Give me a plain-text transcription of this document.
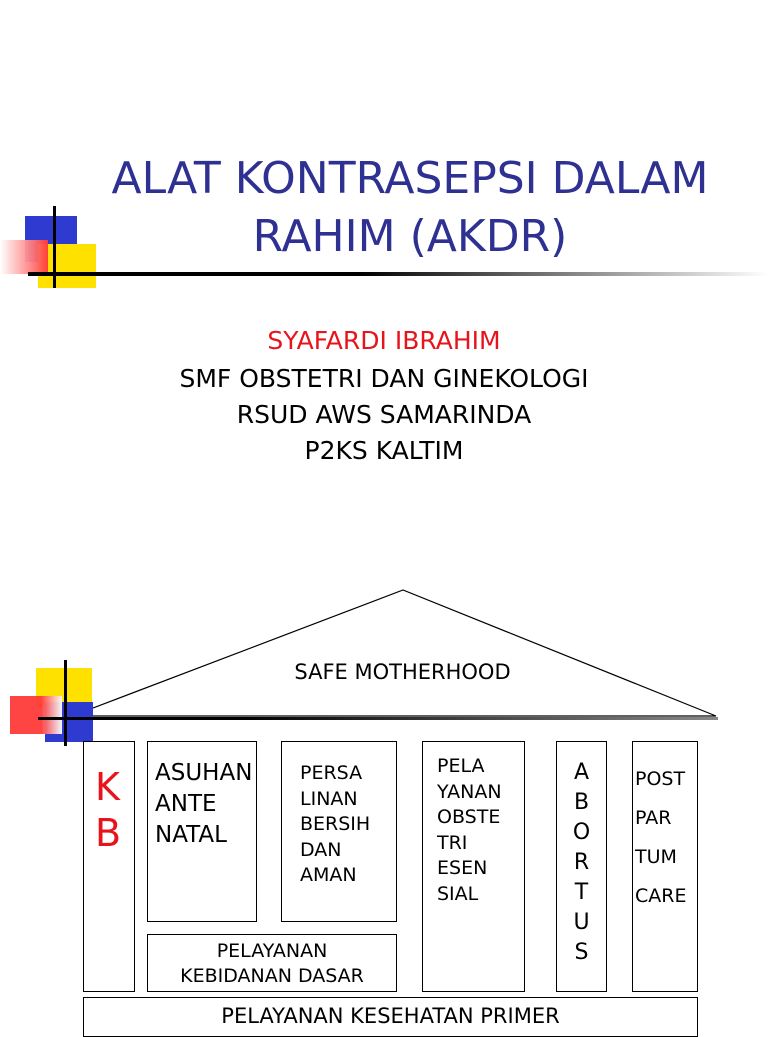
ALAT KONTRASEPSI DALAM
RAHIM (AKDR)
SYAFARDI IBRAHIM
SMF OBSTETRI DAN GINEKOLOGI
RSUD AWS SAMARINDA
P2KS KALTIM
SAFE MOTHERHOOD
K
B
ASUHAN
ANTE
NATAL
PERSA
LINAN
BERSIH
DAN
AMAN
PELAYANAN
KEBIDANAN DASAR
PELA
YANAN
OBSTE
TRI
ESEN
SIAL
A
B
O
R
T
U
S
POST
PAR
TUM
CARE
PELAYANAN KESEHATAN PRIMER
